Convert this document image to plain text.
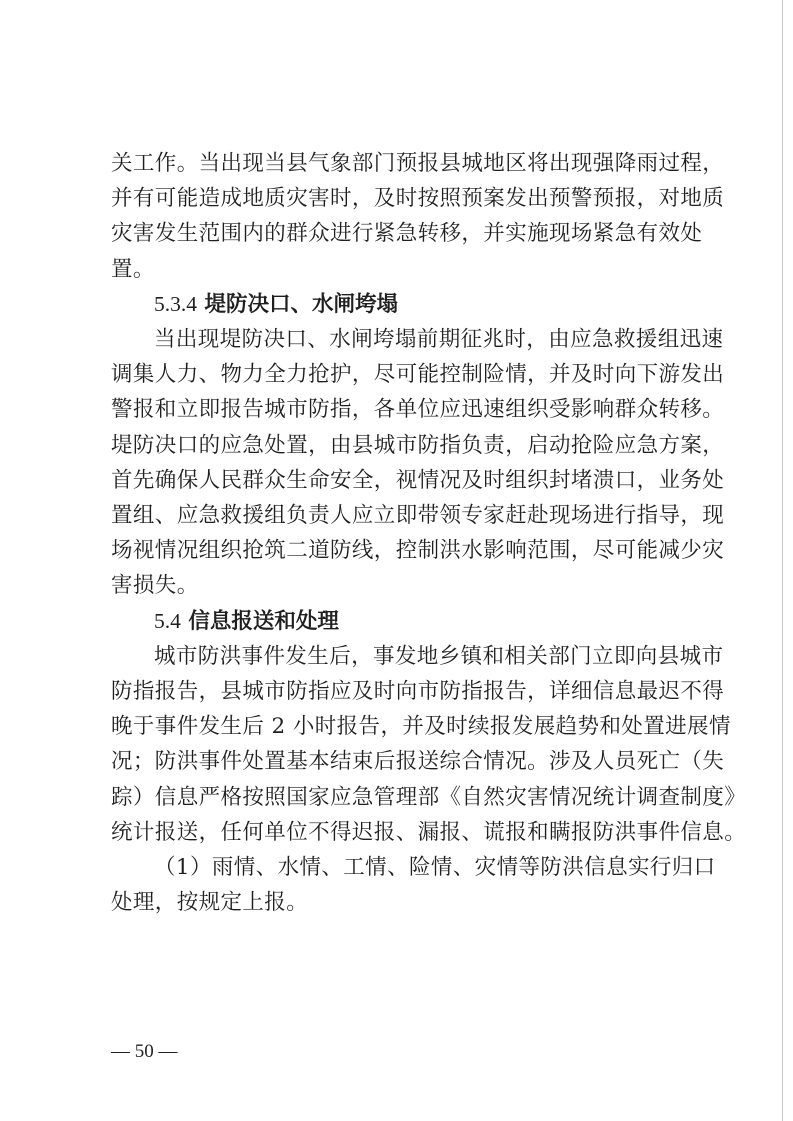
关工作。当出现当县气象部门预报县城地区将出现强降雨过程，
并有可能造成地质灾害时，及时按照预案发出预警预报，对地质
灾害发生范围内的群众进行紧急转移，并实施现场紧急有效处
置。

5.3.4 堤防决口、水闸垮塌

当出现堤防决口、水闸垮塌前期征兆时，由应急救援组迅速
调集人力、物力全力抢护，尽可能控制险情，并及时向下游发出
警报和立即报告城市防指，各单位应迅速组织受影响群众转移。
堤防决口的应急处置，由县城市防指负责，启动抢险应急方案，
首先确保人民群众生命安全，视情况及时组织封堵溃口，业务处
置组、应急救援组负责人应立即带领专家赶赴现场进行指导，现
场视情况组织抢筑二道防线，控制洪水影响范围，尽可能减少灾
害损失。

5.4 信息报送和处理

城市防洪事件发生后，事发地乡镇和相关部门立即向县城市
防指报告，县城市防指应及时向市防指报告，详细信息最迟不得
晚于事件发生后 2 小时报告，并及时续报发展趋势和处置进展情
况；防洪事件处置基本结束后报送综合情况。涉及人员死亡（失
踪）信息严格按照国家应急管理部《自然灾害情况统计调查制度》
统计报送，任何单位不得迟报、漏报、谎报和瞒报防洪事件信息。

（1）雨情、水情、工情、险情、灾情等防洪信息实行归口
处理，按规定上报。

— 50 —
